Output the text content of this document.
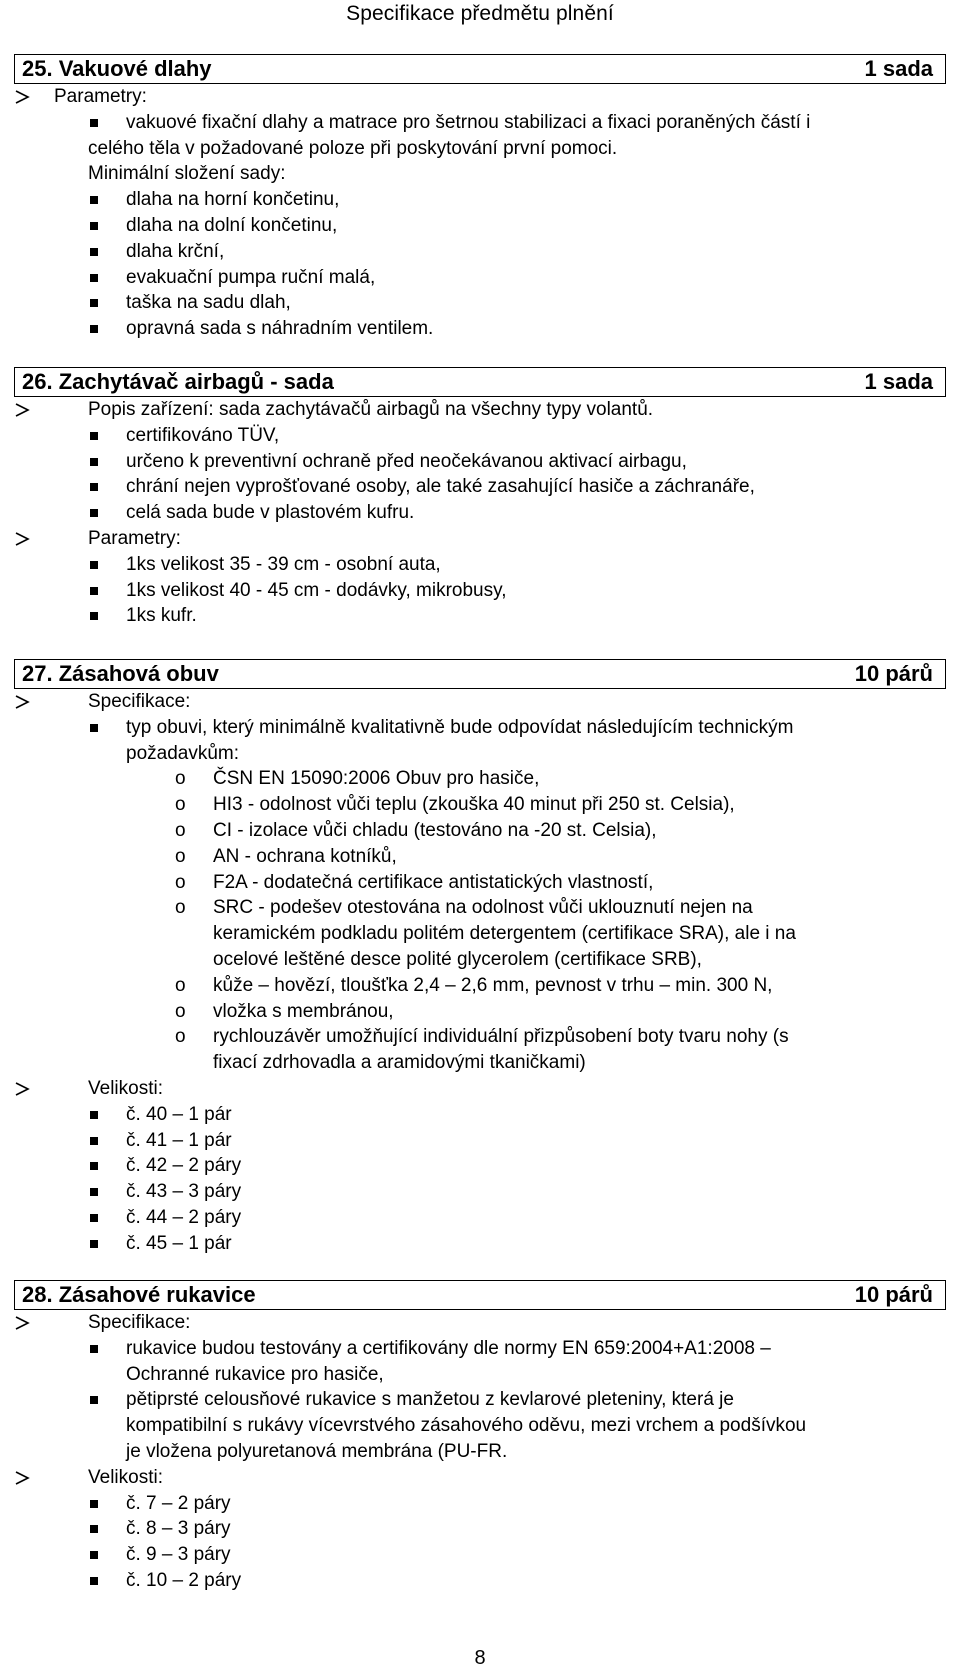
Specifikace předmětu plnění
25. Vakuové dlahy	1 sada
Parametry:
vakuové fixační dlahy a matrace pro šetrnou stabilizaci a fixaci poraněných částí i
celého těla v požadované poloze při poskytování první pomoci.
Minimální složení sady:
dlaha na horní končetinu,
dlaha na dolní končetinu,
dlaha krční,
evakuační pumpa ruční malá,
taška na sadu dlah,
opravná sada s náhradním ventilem.
26. Zachytávač airbagů - sada	1 sada
Popis zařízení: sada zachytávačů airbagů na všechny typy volantů.
certifikováno TÜV,
určeno k preventivní ochraně před neočekávanou aktivací airbagu,
chrání nejen vyprošťované osoby, ale také zasahující hasiče a záchranáře,
celá sada bude v plastovém kufru.
Parametry:
1ks velikost 35 - 39 cm - osobní auta,
1ks velikost 40 - 45 cm - dodávky, mikrobusy,
1ks kufr.
27. Zásahová obuv	10 párů
Specifikace:
typ obuvi, který minimálně kvalitativně bude odpovídat následujícím technickým
požadavkům:
o ČSN EN 15090:2006 Obuv pro hasiče,
o HI3 - odolnost vůči teplu (zkouška 40 minut při 250 st. Celsia),
o CI - izolace vůči chladu (testováno na -20 st. Celsia),
o AN - ochrana kotníků,
o F2A - dodatečná certifikace antistatických vlastností,
o SRC - podešev otestována na odolnost vůči uklouznutí nejen na
keramickém podkladu politém detergentem (certifikace SRA), ale i na
ocelové leštěné desce polité glycerolem (certifikace SRB),
o kůže – hovězí, tloušťka 2,4 – 2,6 mm, pevnost v trhu – min. 300 N,
o vložka s membránou,
o rychlouzávěr umožňující individuální přizpůsobení boty tvaru nohy (s
fixací zdrhovadla a aramidovými tkaničkami)
Velikosti:
č. 40 – 1 pár
č. 41 – 1 pár
č. 42 – 2 páry
č. 43 – 3 páry
č. 44 – 2 páry
č. 45 – 1 pár
28. Zásahové rukavice	10 párů
Specifikace:
rukavice budou testovány a certifikovány dle normy EN 659:2004+A1:2008 –
Ochranné rukavice pro hasiče,
pětiprsté celousňové rukavice s manžetou z kevlarové pleteniny, která je
kompatibilní s rukávy vícevrstvého zásahového oděvu, mezi vrchem a podšívkou
je vložena polyuretanová membrána (PU-FR.
Velikosti:
č. 7 – 2 páry
č. 8 – 3 páry
č. 9 – 3 páry
č. 10 – 2 páry
8
